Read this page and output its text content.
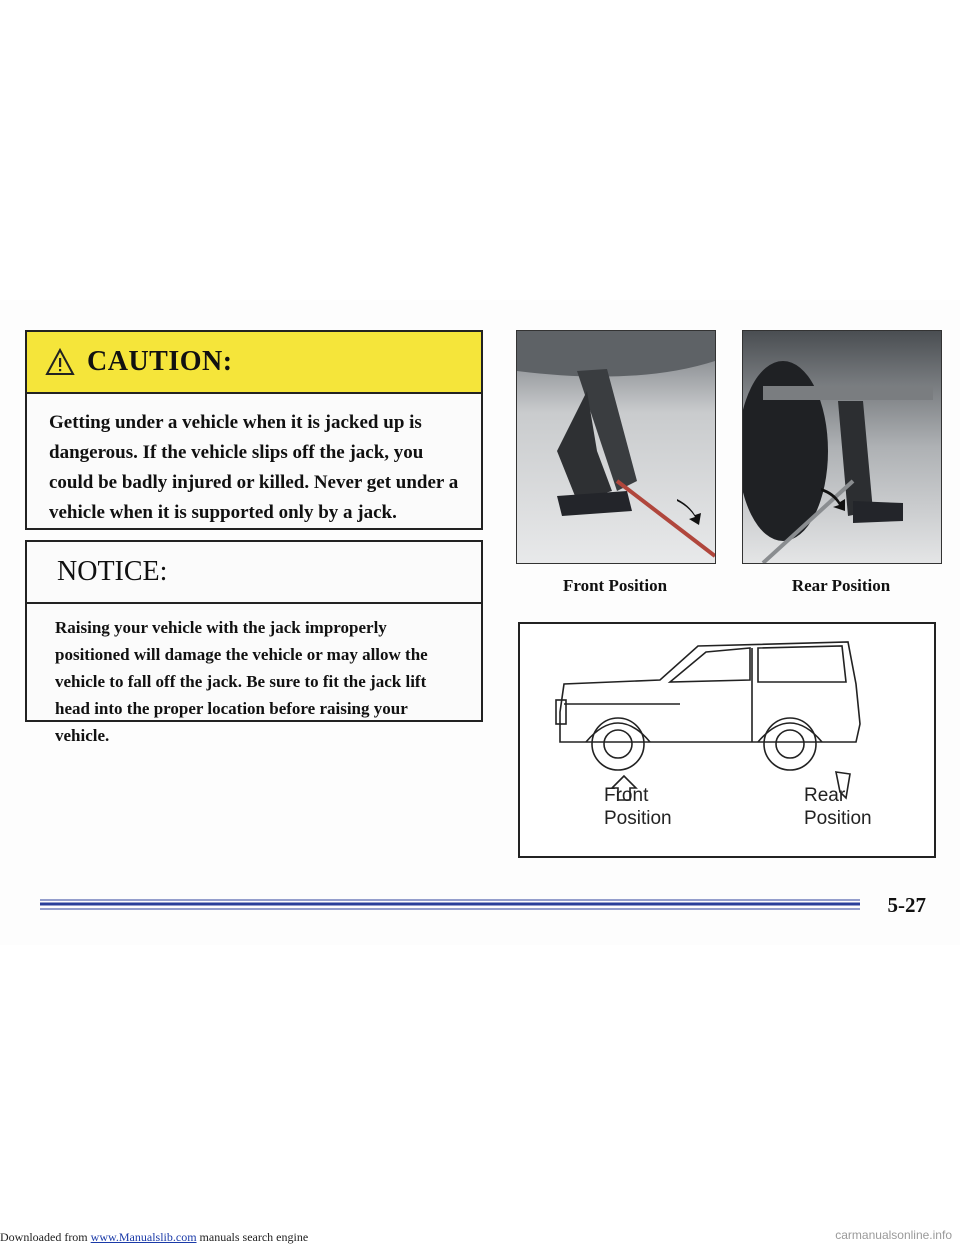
CAUTION:
Getting under a vehicle when it is jacked up is dangerous. If the vehicle slips off the jack, you could be badly injured or killed. Never get under a vehicle when it is supported only by a jack.
NOTICE:
Raising your vehicle with the jack improperly positioned will damage the vehicle or may allow the vehicle to fall off the jack. Be sure to fit the jack lift head into the proper location before raising your vehicle.
Front Position	Rear Position
Front
Position
Rear
Position
5-27
Downloaded from www.Manualslib.com manuals search engine	carmanualsonline.info
